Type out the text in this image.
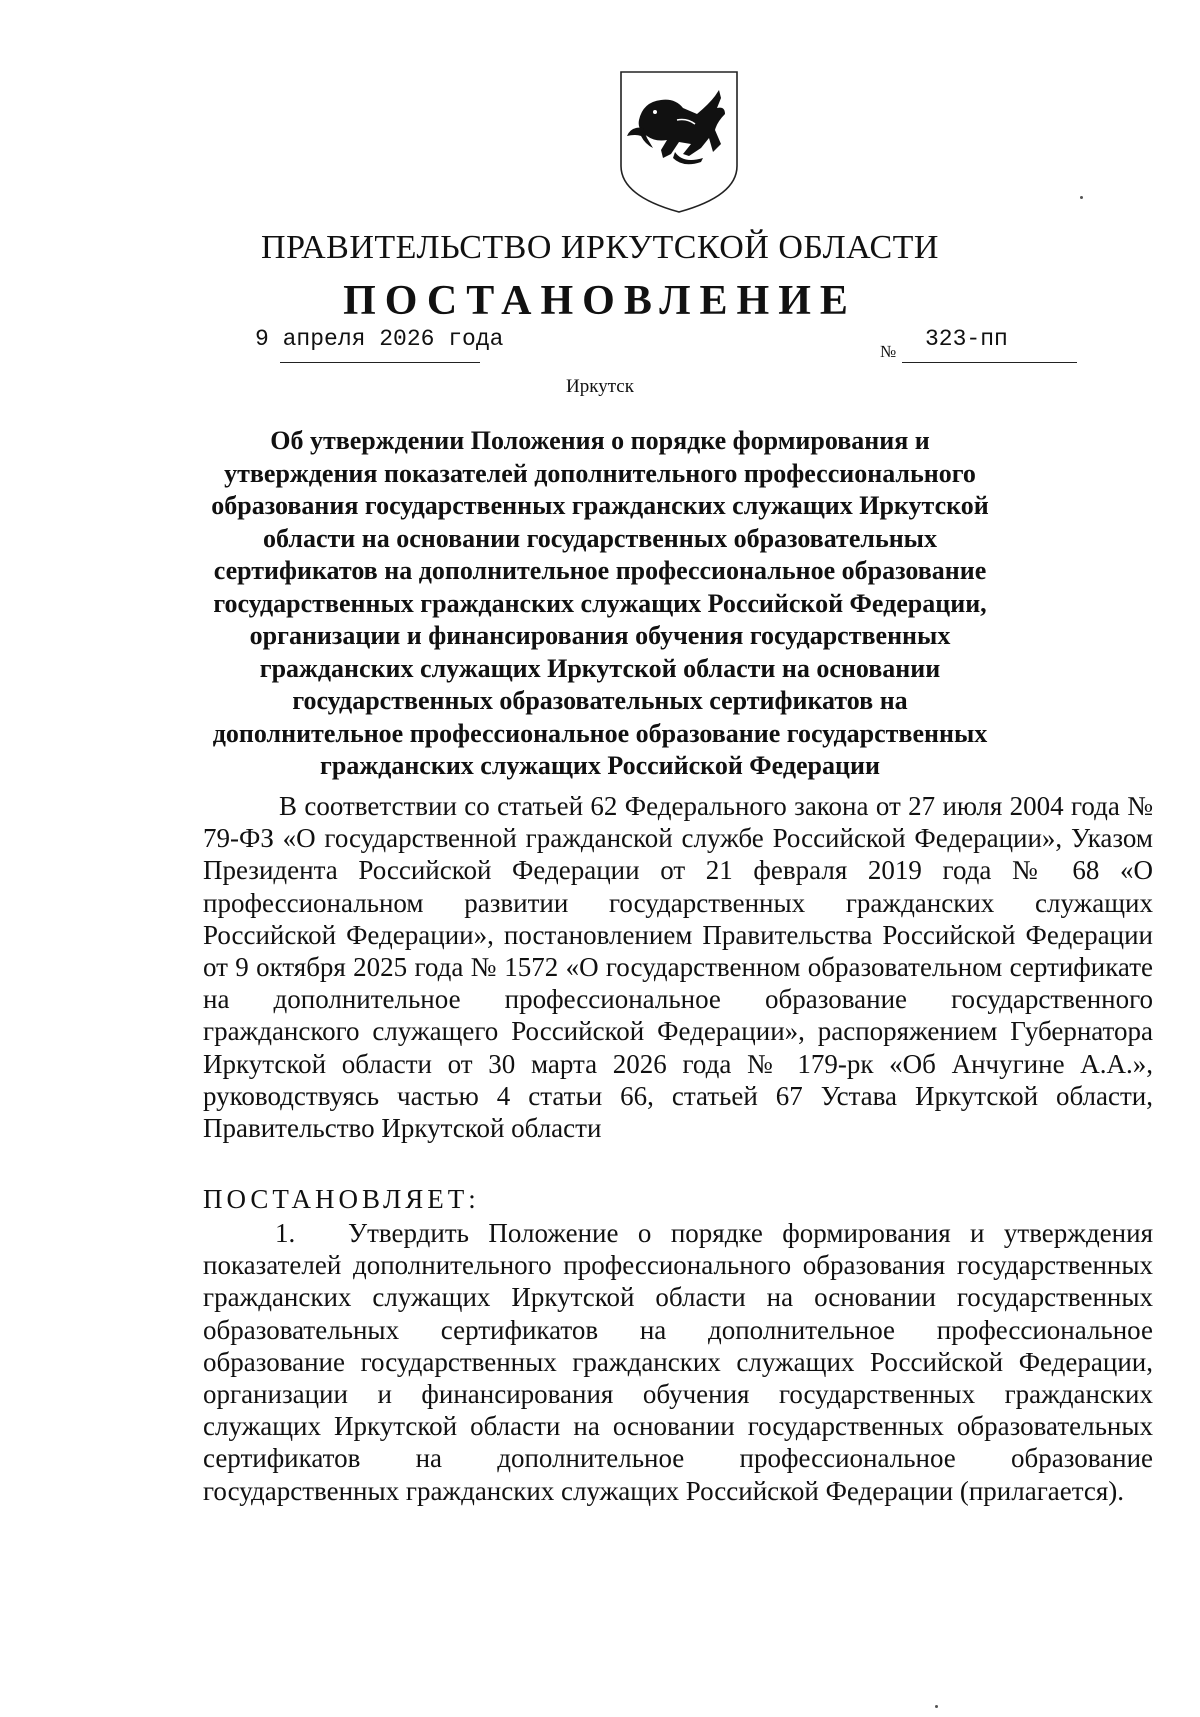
ПРАВИТЕЛЬСТВО ИРКУТСКОЙ ОБЛАСТИ
ПОСТАНОВЛЕНИЕ
9 апреля 2026 года	№ 323-пп
Иркутск
Об утверждении Положения о порядке формирования и утверждения показателей дополнительного профессионального образования государственных гражданских служащих Иркутской области на основании государственных образовательных сертификатов на дополнительное профессиональное образование государственных гражданских служащих Российской Федерации, организации и финансирования обучения государственных гражданских служащих Иркутской области на основании государственных образовательных сертификатов на дополнительное профессиональное образование государственных гражданских служащих Российской Федерации
В соответствии со статьей 62 Федерального закона от 27 июля 2004 года № 79-ФЗ «О государственной гражданской службе Российской Федерации», Указом Президента Российской Федерации от 21 февраля 2019 года № 68 «О профессиональном развитии государственных гражданских служащих Российской Федерации», постановлением Правительства Российской Федерации от 9 октября 2025 года № 1572 «О государственном образовательном сертификате на дополнительное профессиональное образование государственного гражданского служащего Российской Федерации», распоряжением Губернатора Иркутской области от 30 марта 2026 года № 179-рк «Об Анчугине А.А.», руководствуясь частью 4 статьи 66, статьей 67 Устава Иркутской области, Правительство Иркутской области
ПОСТАНОВЛЯЕТ:
1. Утвердить Положение о порядке формирования и утверждения показателей дополнительного профессионального образования государственных гражданских служащих Иркутской области на основании государственных образовательных сертификатов на дополнительное профессиональное образование государственных гражданских служащих Российской Федерации, организации и финансирования обучения государственных гражданских служащих Иркутской области на основании государственных образовательных сертификатов на дополнительное профессиональное образование государственных гражданских служащих Российской Федерации (прилагается).
